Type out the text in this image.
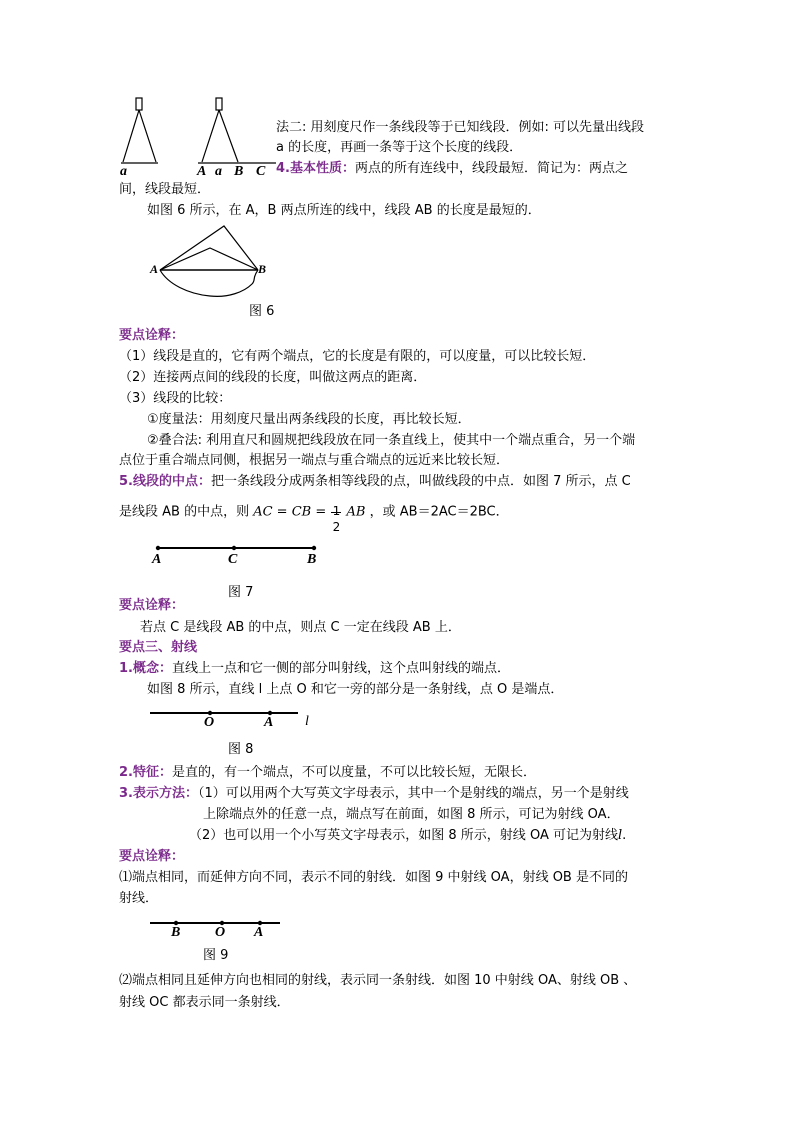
a	A a B C
法二: 用刻度尺作一条线段等于已知线段．例如: 可以先量出线段
a 的长度，再画一条等于这个长度的线段．
4.基本性质：两点的所有连线中，线段最短．简记为：两点之
间，线段最短．
如图 6 所示，在 A，B 两点所连的线中，线段 AB 的长度是最短的．
A	B
图 6
要点诠释：
（1）线段是直的，它有两个端点，它的长度是有限的，可以度量，可以比较长短．
（2）连接两点间的线段的长度，叫做这两点的距离．
（3）线段的比较：
①度量法：用刻度尺量出两条线段的长度，再比较长短．
②叠合法: 利用直尺和圆规把线段放在同一条直线上，使其中一个端点重合，另一个端
点位于重合端点同侧，根据另一端点与重合端点的远近来比较长短．
5.线段的中点：把一条线段分成两条相等线段的点，叫做线段的中点．如图 7 所示，点 C
是线段 AB 的中点，则 AC = CB = 1
2
AB ，或 AB＝2AC＝2BC．
A	C	B
图 7
要点诠释：
若点 C 是线段 AB 的中点，则点 C 一定在线段 AB 上．
要点三、射线
1.概念：直线上一点和它一侧的部分叫射线，这个点叫射线的端点．
如图 8 所示，直线 l 上点 O 和它一旁的部分是一条射线，点 O 是端点．
O	A l
图 8
2.特征：是直的，有一个端点，不可以度量，不可以比较长短，无限长．
3.表示方法：（1）可以用两个大写英文字母表示，其中一个是射线的端点，另一个是射线
上除端点外的任意一点，端点写在前面，如图 8 所示，可记为射线 OA．
（2）也可以用一个小写英文字母表示，如图 8 所示，射线 OA 可记为射线l.
要点诠释：
⑴端点相同，而延伸方向不同，表示不同的射线．如图 9 中射线 OA，射线 OB 是不同的
射线．
B O A
图 9
⑵端点相同且延伸方向也相同的射线，表示同一条射线．如图 10 中射线 OA、射线 OB 、
射线 OC 都表示同一条射线．
